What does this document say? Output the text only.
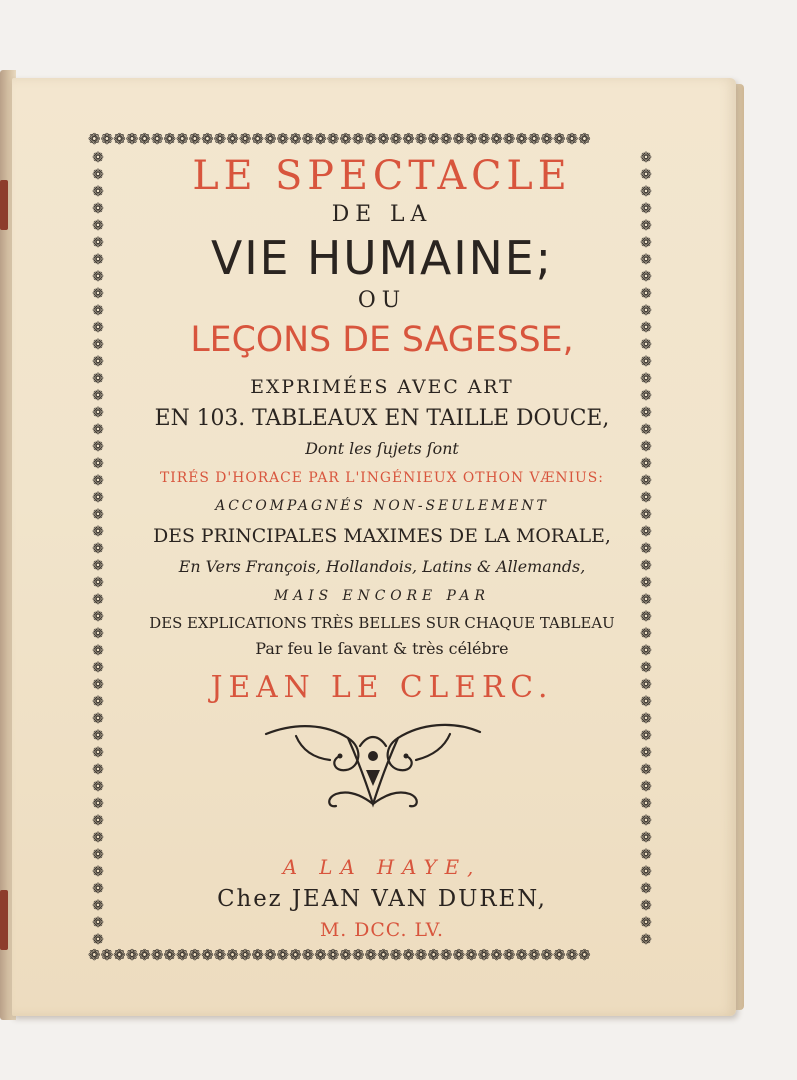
❁❁❁❁❁❁❁❁❁❁❁❁❁❁❁❁❁❁❁❁❁❁❁❁❁❁❁❁❁❁❁❁❁❁❁❁❁❁❁❁
❁❁❁❁❁❁❁❁❁❁❁❁❁❁❁❁❁❁❁❁❁❁❁❁❁❁❁❁❁❁❁❁❁❁❁❁❁❁❁❁
❁
❁
❁
❁
❁
❁
❁
❁
❁
❁
❁
❁
❁
❁
❁
❁
❁
❁
❁
❁
❁
❁
❁
❁
❁
❁
❁
❁
❁
❁
❁
❁
❁
❁
❁
❁
❁
❁
❁
❁
❁
❁
❁
❁
❁
❁
❁

❁
❁
❁
❁
❁
❁
❁
❁
❁
❁
❁
❁
❁
❁
❁
❁
❁
❁
❁
❁
❁
❁
❁
❁
❁
❁
❁
❁
❁
❁
❁
❁
❁
❁
❁
❁
❁
❁
❁
❁
❁
❁
❁
❁
❁
❁
❁

LE SPECTACLE
DE LA
VIE HUMAINE;
OU
LEÇONS DE SAGESSE,
EXPRIMÉES AVEC ART
EN 103. TABLEAUX EN TAILLE DOUCE,
Dont les ſujets ſont
TIRÉS D'HORACE PAR L'INGÉNIEUX OTHON VÆNIUS:
ACCOMPAGNÉS NON-SEULEMENT
DES PRINCIPALES MAXIMES DE LA MORALE,
En Vers François, Hollandois, Latins & Allemands,
MAIS ENCORE PAR
DES EXPLICATIONS TRÈS BELLES SUR CHAQUE TABLEAU
Par feu le ſavant & très célébre
JEAN LE CLERC.
A LA HAYE,
Chez JEAN VAN DUREN,
M. DCC. LV.
